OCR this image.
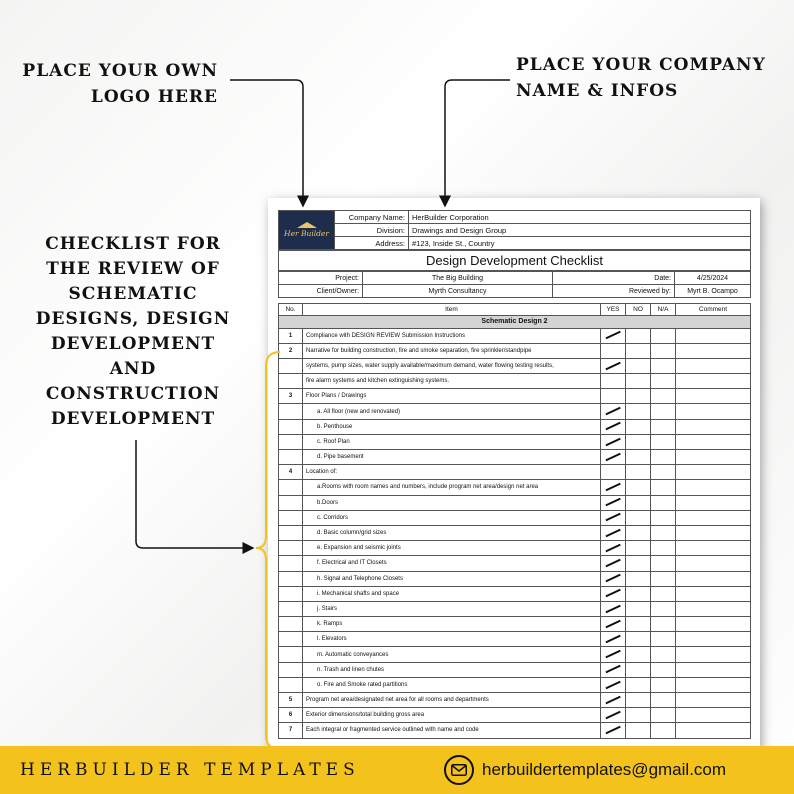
PLACE YOUR OWN
LOGO HERE
PLACE YOUR COMPANY
NAME & INFOS
CHECKLIST FOR
THE REVIEW OF
SCHEMATIC
DESIGNS, DESIGN
DEVELOPMENT
AND
CONSTRUCTION
DEVELOPMENT
Her Builder	Company Name:	HerBuilder Corporation
	Division:	Drawings and Design Group
	Address:	#123, Inside St., Country
Design Development Checklist
Project:	The Big Building	Date:	4/25/2024
Client/Owner:	Myrth Consultancy	Reviewed by:	Myrt B. Ocampo

No.	Item	YES	NO	N/A	Comment
Schematic Design 2					
1	Compliance with DESIGN REVIEW Submission Instructions				
2	Narrative for building construction, fire and smoke separation, fire sprinkler/standpipe				
	systems, pump sizes, water supply available/maximum demand, water flowing testing results,				
	fire alarm systems and kitchen extinguishing systems.				
3	Floor Plans / Drawings				
	a. All floor (new and renovated)				
	b. Penthouse				
	c. Roof Plan				
	d. Pipe basement				
4	Location of:				
	a.Rooms with room names and numbers, include program net area/design net area				
	b.Doors				
	c. Corridors				
	d. Basic column/grid sizes				
	e. Expansion and seismic joints				
	f. Electrical and IT Closets				
	h. Signal and Telephone Closets				
	i. Mechanical shafts and space				
	j. Stairs				
	k. Ramps				
	l. Elevators				
	m. Automatic conveyances				
	n. Trash and linen chutes				
	o. Fire and Smoke rated partitions				
5	Program net area/designated net area for all rooms and departments				
6	Exterior dimensions/total building gross area				
7	Each integral or fragmented service outlined with name and code				
HERBUILDER TEMPLATES	herbuildertemplates@gmail.com
